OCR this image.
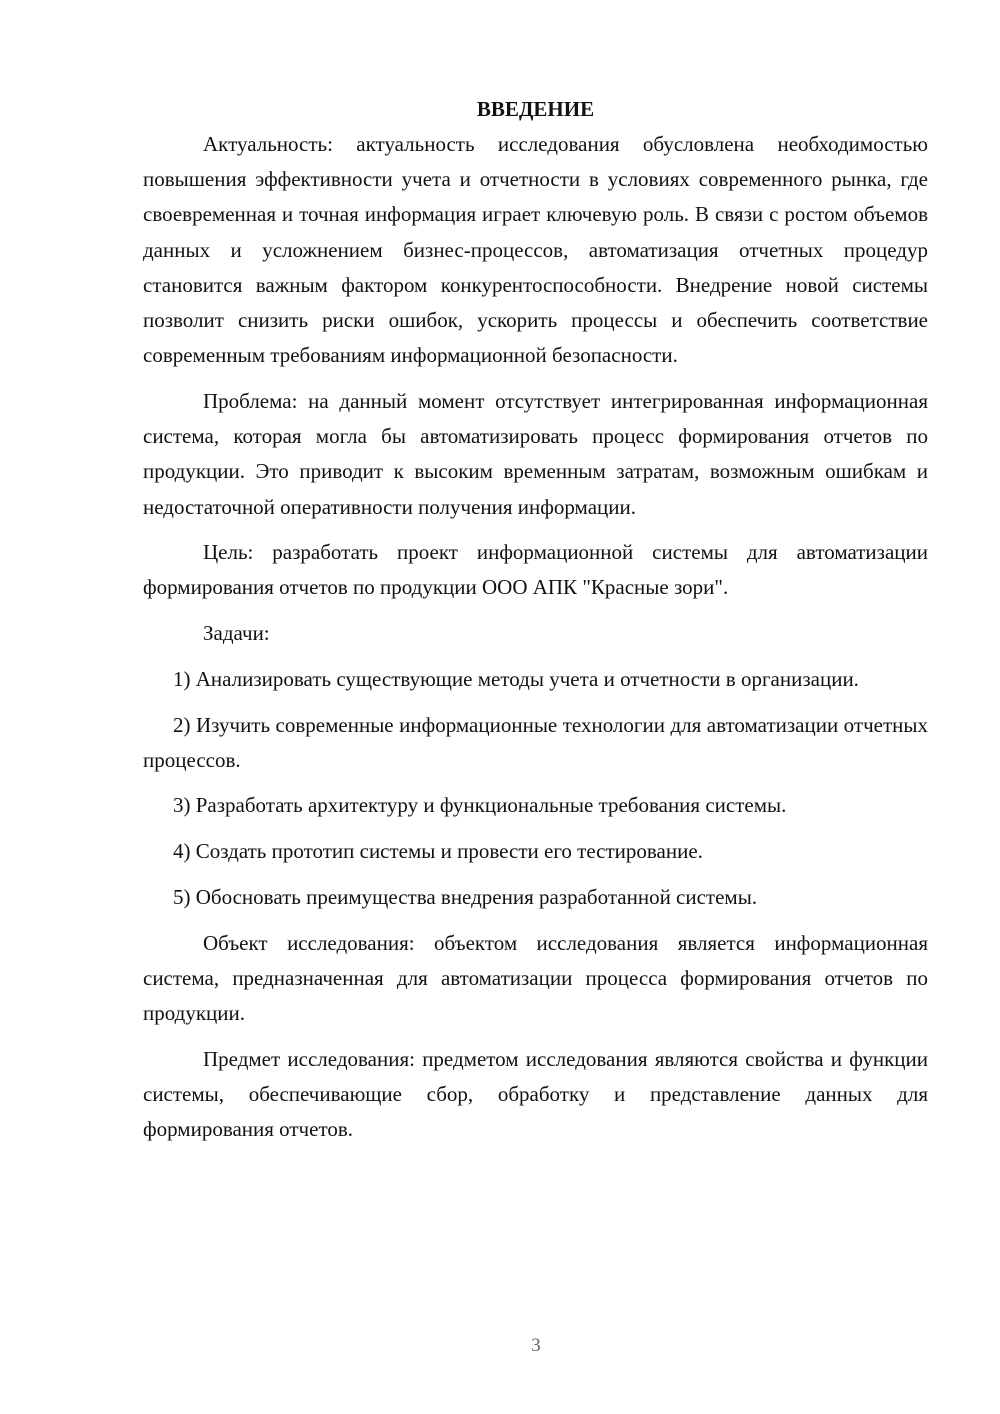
ВВЕДЕНИЕ

Актуальность: актуальность исследования обусловлена необходимостью повышения эффективности учета и отчетности в условиях современного рынка, где своевременная и точная информация играет ключевую роль. В связи с ростом объемов данных и усложнением бизнес-процессов, автоматизация отчетных процедур становится важным фактором конкурентоспособности. Внедрение новой системы позволит снизить риски ошибок, ускорить процессы и обеспечить соответствие современным требованиям информационной безопасности.

Проблема: на данный момент отсутствует интегрированная информационная система, которая могла бы автоматизировать процесс формирования отчетов по продукции. Это приводит к высоким временным затратам, возможным ошибкам и недостаточной оперативности получения информации.

Цель: разработать проект информационной системы для автоматизации формирования отчетов по продукции ООО АПК "Красные зори".

Задачи:

1) Анализировать существующие методы учета и отчетности в организации.

2) Изучить современные информационные технологии для автоматизации отчетных процессов.

3) Разработать архитектуру и функциональные требования системы.

4) Создать прототип системы и провести его тестирование.

5) Обосновать преимущества внедрения разработанной системы.

Объект исследования: объектом исследования является информационная система, предназначенная для автоматизации процесса формирования отчетов по продукции.

Предмет исследования: предметом исследования являются свойства и функции системы, обеспечивающие сбор, обработку и представление данных для формирования отчетов.

3
